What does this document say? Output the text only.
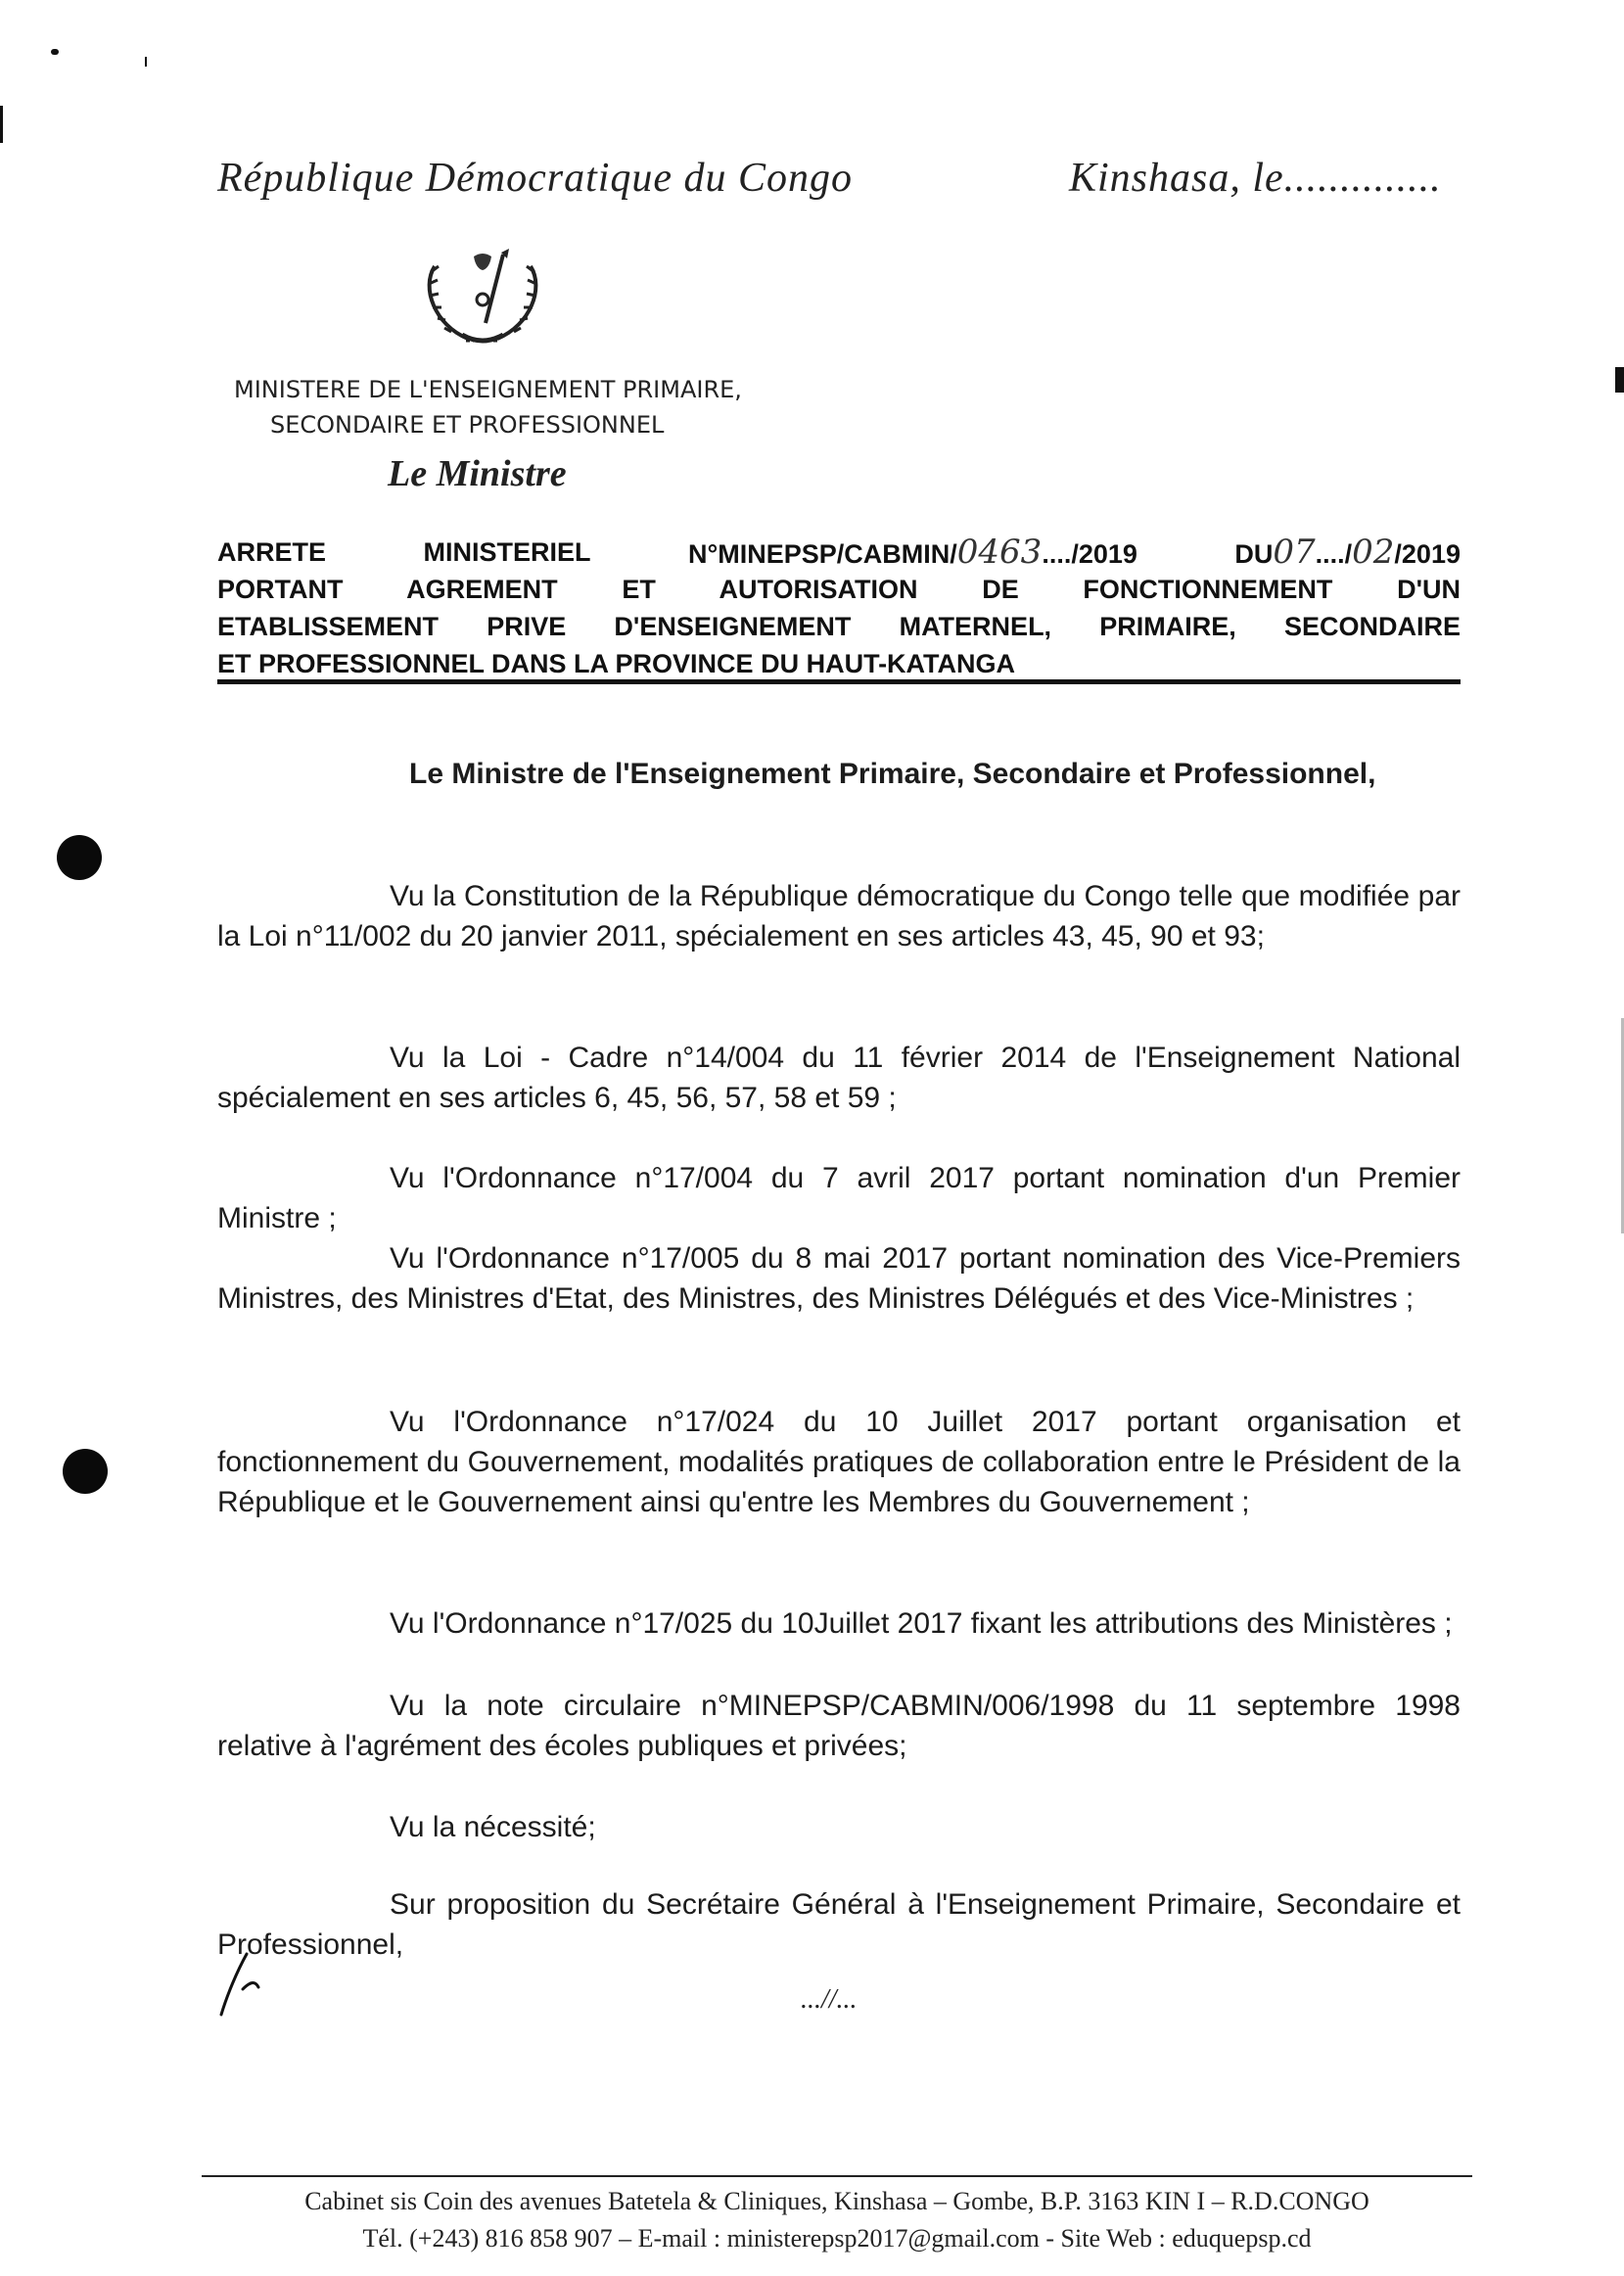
République Démocratique du Congo	Kinshasa, le..............
MINISTERE DE L'ENSEIGNEMENT PRIMAIRE,
SECONDAIRE ET PROFESSIONNEL
Le Ministre
ARRETE	MINISTERIEL	N°MINEPSP/CABMIN/0463..../2019	DU07..../02/2019
PORTANT AGREMENT ET AUTORISATION DE FONCTIONNEMENT D'UN
ETABLISSEMENT PRIVE D'ENSEIGNEMENT MATERNEL, PRIMAIRE, SECONDAIRE
ET PROFESSIONNEL DANS LA PROVINCE DU HAUT-KATANGA
Le Ministre de l'Enseignement Primaire, Secondaire et Professionnel,
Vu la Constitution de la République démocratique du Congo telle que modifiée par la Loi n°11/002 du 20 janvier 2011, spécialement en ses articles 43, 45, 90 et 93;
Vu la Loi - Cadre n°14/004 du 11 février 2014 de l'Enseignement National spécialement en ses articles 6, 45, 56, 57, 58 et 59 ;
Vu l'Ordonnance n°17/004 du 7 avril 2017 portant nomination d'un Premier Ministre ;
Vu l'Ordonnance n°17/005 du 8 mai 2017 portant nomination des Vice-Premiers Ministres, des Ministres d'Etat, des Ministres, des Ministres Délégués et des Vice-Ministres ;
Vu l'Ordonnance n°17/024 du 10 Juillet 2017 portant organisation et fonctionnement du Gouvernement, modalités pratiques de collaboration entre le Président de la République et le Gouvernement ainsi qu'entre les Membres du Gouvernement ;
Vu l'Ordonnance n°17/025 du 10Juillet 2017 fixant les attributions des Ministères ;
Vu la note circulaire n°MINEPSP/CABMIN/006/1998 du 11 septembre 1998 relative à l'agrément des écoles publiques et privées;
Vu la nécessité;
Sur proposition du Secrétaire Général à l'Enseignement Primaire, Secondaire et Professionnel,
...//...
Cabinet sis Coin des avenues Batetela & Cliniques, Kinshasa – Gombe, B.P. 3163 KIN I – R.D.CONGO
Tél. (+243) 816 858 907 – E-mail : ministerepsp2017@gmail.com - Site Web : eduquepsp.cd
